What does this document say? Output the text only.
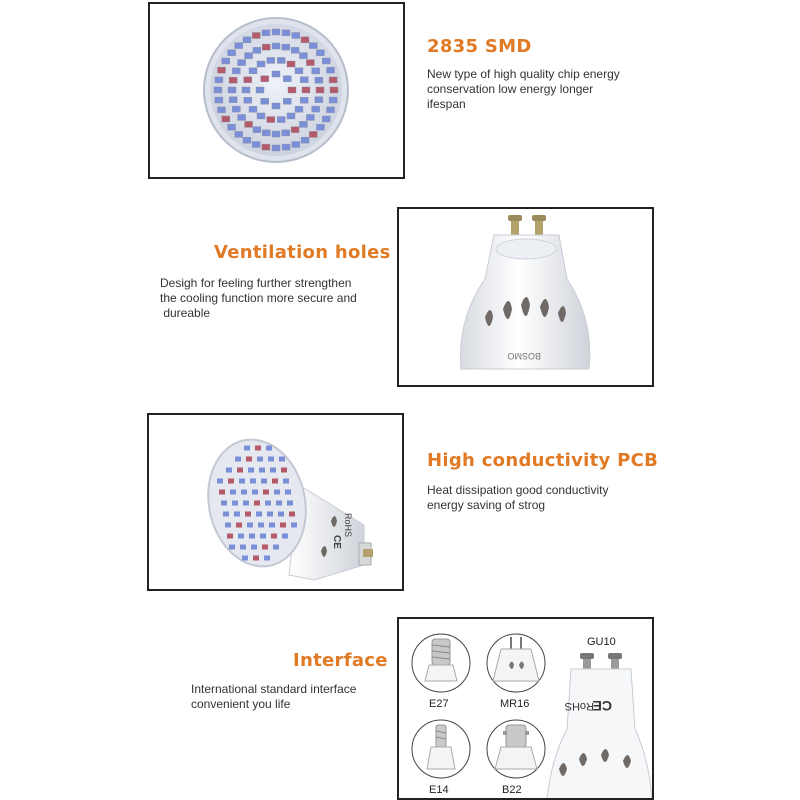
2835 SMD
New type of high quality chip energy
conservation low energy longer
ifespan
Ventilation holes
Desigh for feeling further strengthen
the cooling function more secure and
dureable
BOSMO
RoHS
CE
High conductivity PCB
Heat dissipation good conductivity
energy saving of strog
Interface
International standard interface
convenient you life	E27	MR16
E14	B22
GU10
CE
RoHS
